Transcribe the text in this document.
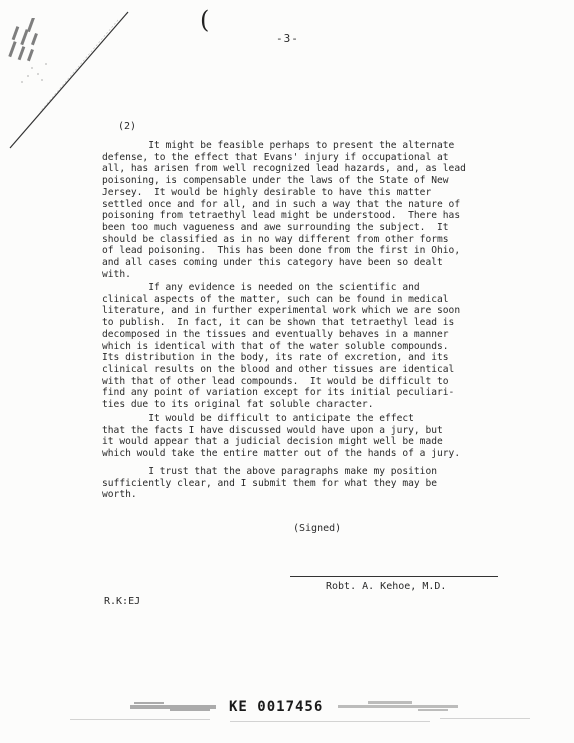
(
-3-
(2)
It might be feasible perhaps to present the alternate
defense, to the effect that Evans' injury if occupational at
all, has arisen from well recognized lead hazards, and, as lead
poisoning, is compensable under the laws of the State of New
Jersey.  It would be highly desirable to have this matter
settled once and for all, and in such a way that the nature of
poisoning from tetraethyl lead might be understood.  There has
been too much vagueness and awe surrounding the subject.  It
should be classified as in no way different from other forms
of lead poisoning.  This has been done from the first in Ohio,
and all cases coming under this category have been so dealt
with.
If any evidence is needed on the scientific and
clinical aspects of the matter, such can be found in medical
literature, and in further experimental work which we are soon
to publish.  In fact, it can be shown that tetraethyl lead is
decomposed in the tissues and eventually behaves in a manner
which is identical with that of the water soluble compounds.
Its distribution in the body, its rate of excretion, and its
clinical results on the blood and other tissues are identical
with that of other lead compounds.  It would be difficult to
find any point of variation except for its initial peculiari-
ties due to its original fat soluble character.
It would be difficult to anticipate the effect
that the facts I have discussed would have upon a jury, but
it would appear that a judicial decision might well be made
which would take the entire matter out of the hands of a jury.
I trust that the above paragraphs make my position
sufficiently clear, and I submit them for what they may be
worth.
(Signed)
Robt. A. Kehoe, M.D.
R.K:EJ
KE 0017456
